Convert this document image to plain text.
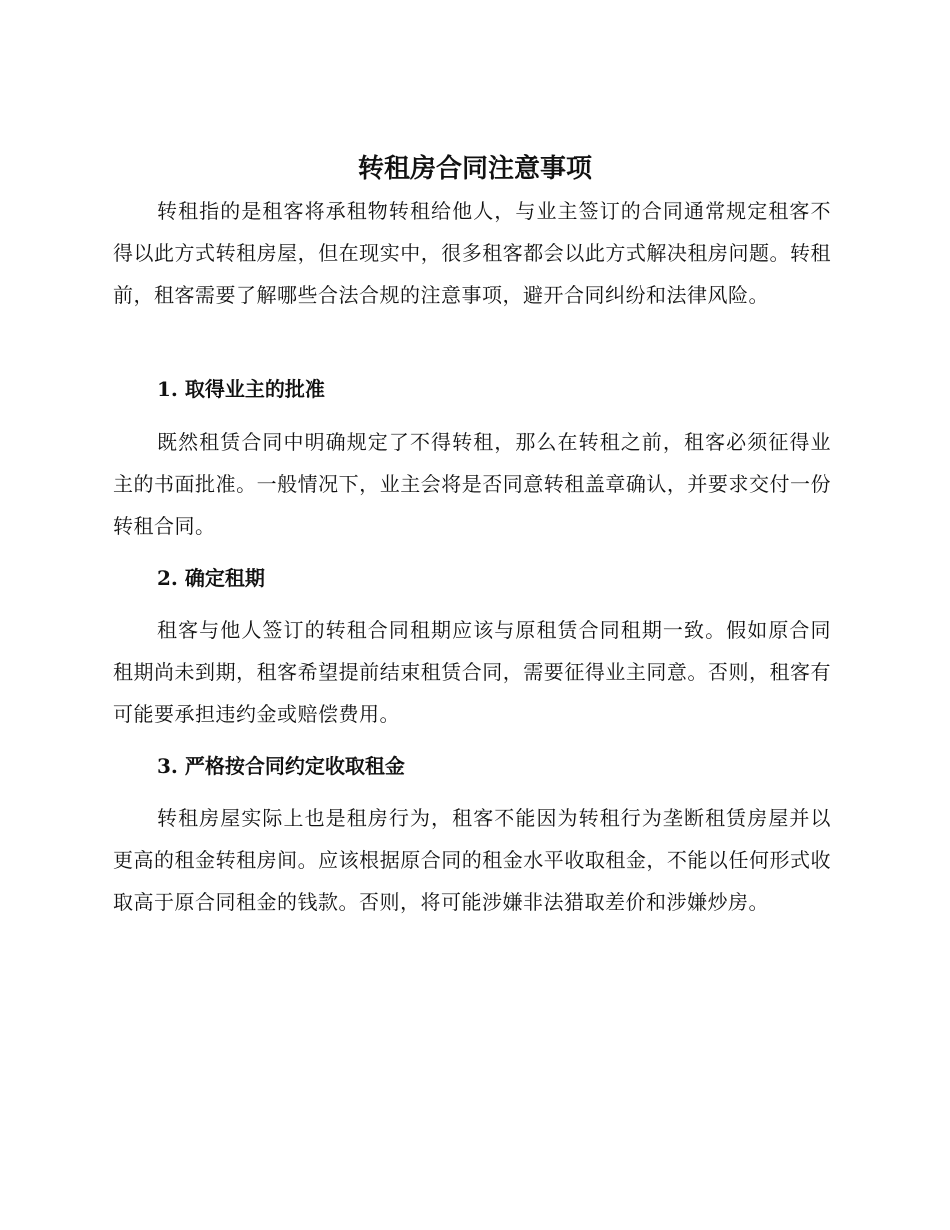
转租房合同注意事项

转租指的是租客将承租物转租给他人，与业主签订的合同通常规定租客不得以此方式转租房屋，但在现实中，很多租客都会以此方式解决租房问题。转租前，租客需要了解哪些合法合规的注意事项，避开合同纠纷和法律风险。

1. 取得业主的批准

既然租赁合同中明确规定了不得转租，那么在转租之前，租客必须征得业主的书面批准。一般情况下，业主会将是否同意转租盖章确认，并要求交付一份转租合同。

2. 确定租期

租客与他人签订的转租合同租期应该与原租赁合同租期一致。假如原合同租期尚未到期，租客希望提前结束租赁合同，需要征得业主同意。否则，租客有可能要承担违约金或赔偿费用。

3. 严格按合同约定收取租金

转租房屋实际上也是租房行为，租客不能因为转租行为垄断租赁房屋并以更高的租金转租房间。应该根据原合同的租金水平收取租金，不能以任何形式收取高于原合同租金的钱款。否则，将可能涉嫌非法猎取差价和涉嫌炒房。
